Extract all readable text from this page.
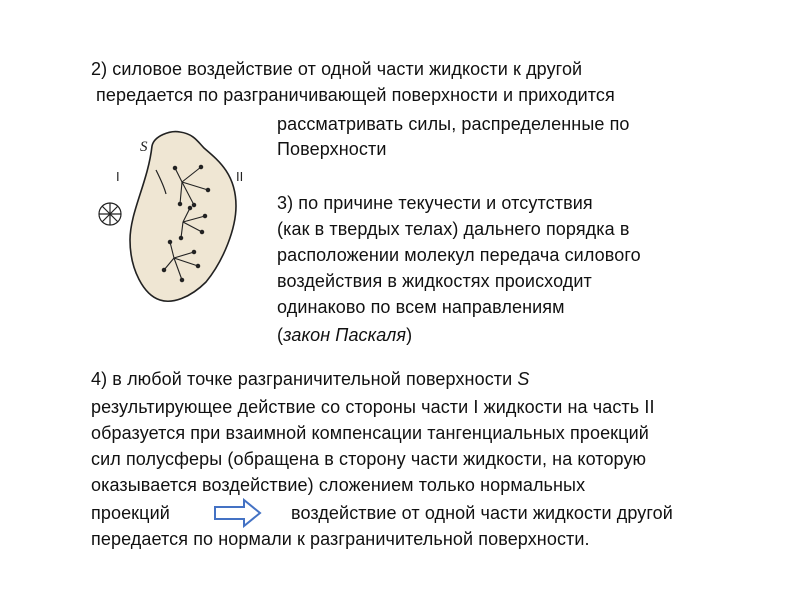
2) силовое воздействие от одной части жидкости к другой
передается по разграничивающей поверхности и приходится
рассматривать силы, распределенные по
Поверхности
S
I	II
3) по причине текучести и отсутствия
(как в твердых телах) дальнего порядка в
расположении молекул передача силового
воздействия в жидкостях происходит
одинаково по всем направлениям
(закон Паскаля)
4) в любой точке разграничительной поверхности S
результирующее действие со стороны части I жидкости на часть II
образуется при взаимной компенсации тангенциальных проекций
сил полусферы (обращена в сторону части жидкости, на которую
оказывается воздействие) сложением только нормальных
проекций	воздействие от одной части жидкости другой
передается по нормали к разграничительной поверхности.
